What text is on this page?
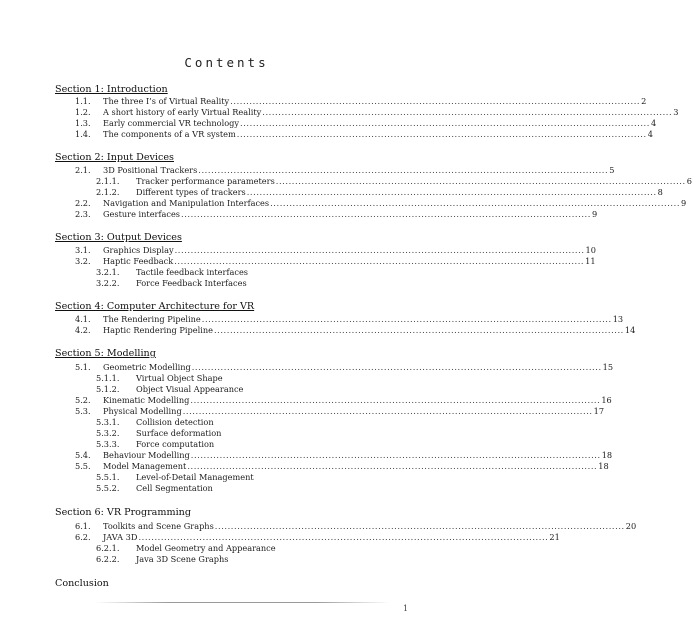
Contents
Section 1: Introduction
1.1.	The three I’s of Virtual Reality ................................................................................................................................ 2
1.2.	A short history of early Virtual Reality ................................................................................................................................ 3
1.3.	Early commercial VR technology ................................................................................................................................ 4
1.4.	The components of a VR system ................................................................................................................................ 4
Section 2: Input Devices
2.1.	3D Positional Trackers ................................................................................................................................ 5
2.1.1.	Tracker performance parameters ................................................................................................................................ 6
2.1.2.	Different types of trackers ................................................................................................................................ 8
2.2.	Navigation and Manipulation Interfaces ................................................................................................................................ 9
2.3.	Gesture interfaces ................................................................................................................................ 9
Section 3: Output Devices
3.1.	Graphics Display ................................................................................................................................ 10
3.2.	Haptic Feedback ................................................................................................................................ 11
3.2.1.	Tactile feedback interfaces
3.2.2.	Force Feedback Interfaces
Section 4: Computer Architecture for VR
4.1.	The Rendering Pipeline ................................................................................................................................ 13
4.2.	Haptic Rendering Pipeline ................................................................................................................................ 14
Section 5: Modelling
5.1.	Geometric Modelling ................................................................................................................................ 15
5.1.1.	Virtual Object Shape
5.1.2.	Object Visual Appearance
5.2.	Kinematic Modelling ................................................................................................................................ 16
5.3.	Physical Modelling ................................................................................................................................ 17
5.3.1.	Collision detection
5.3.2.	Surface deformation
5.3.3.	Force computation
5.4.	Behaviour Modelling ................................................................................................................................ 18
5.5.	Model Management ................................................................................................................................ 18
5.5.1.	Level-of-Detail Management
5.5.2.	Cell Segmentation
Section 6: VR Programming
6.1.	Toolkits and Scene Graphs ................................................................................................................................ 20
6.2.	JAVA 3D ................................................................................................................................ 21
6.2.1.	Model Geometry and Appearance
6.2.2.	Java 3D Scene Graphs
Conclusion
1
